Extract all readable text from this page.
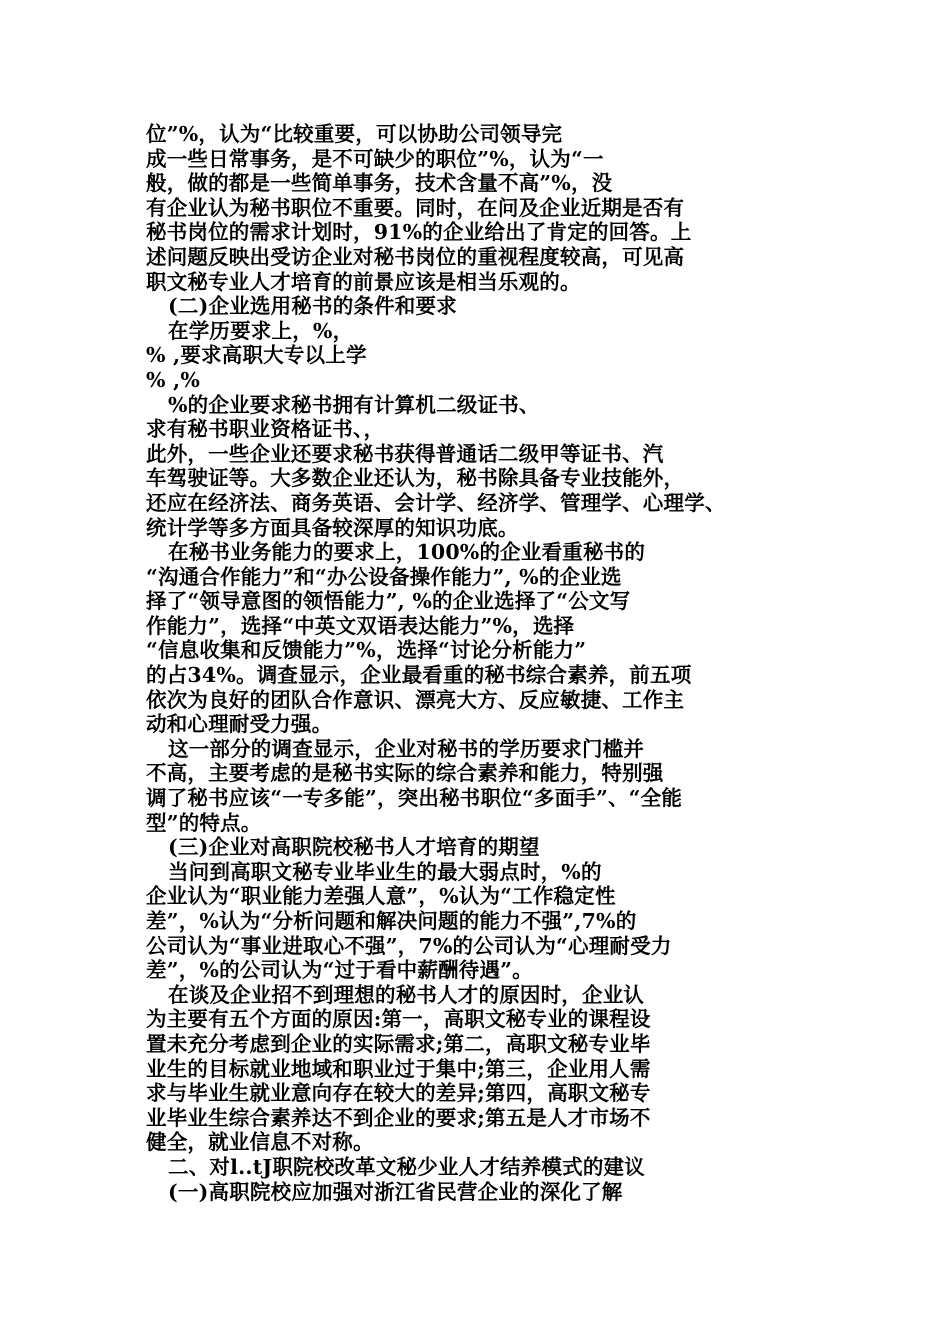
位”%，认为“比较重要，可以协助公司领导完
成一些日常事务，是不可缺少的职位”%，认为“一
般，做的都是一些简单事务，技术含量不高”%，没
有企业认为秘书职位不重要。同时，在问及企业近期是否有
秘书岗位的需求计划时，91%的企业给出了肯定的回答。上
述问题反映出受访企业对秘书岗位的重视程度较高，可见高
职文秘专业人才培育的前景应该是相当乐观的。
(二)企业选用秘书的条件和要求
在学历要求上，%，
% ,要求高职大专以上学
% ,%
%的企业要求秘书拥有计算机二级证书、
求有秘书职业资格证书、，
此外，一些企业还要求秘书获得普通话二级甲等证书、汽
车驾驶证等。大多数企业还认为，秘书除具备专业技能外，
还应在经济法、商务英语、会计学、经济学、管理学、心理学、
统计学等多方面具备较深厚的知识功底。
在秘书业务能力的要求上，100%的企业看重秘书的
“沟通合作能力”和“办公设备操作能力”, %的企业选
择了“领导意图的领悟能力”, %的企业选择了“公文写
作能力”，选择“中英文双语表达能力”%，选择
“信息收集和反馈能力”%，选择“讨论分析能力”
的占34%。调查显示，企业最看重的秘书综合素养，前五项
依次为良好的团队合作意识、漂亮大方、反应敏捷、工作主
动和心理耐受力强。
这一部分的调查显示，企业对秘书的学历要求门槛并
不高，主要考虑的是秘书实际的综合素养和能力，特别强
调了秘书应该“一专多能”，突出秘书职位“多面手”、“全能
型”的特点。
(三)企业对高职院校秘书人才培育的期望
当问到高职文秘专业毕业生的最大弱点时，%的
企业认为“职业能力差强人意”，%认为“工作稳定性
差”，%认为“分析问题和解决问题的能力不强”,7%的
公司认为“事业进取心不强”，7%的公司认为“心理耐受力
差”，%的公司认为“过于看中薪酬待遇”。
在谈及企业招不到理想的秘书人才的原因时，企业认
为主要有五个方面的原因:第一，高职文秘专业的课程设
置未充分考虑到企业的实际需求;第二，高职文秘专业毕
业生的目标就业地域和职业过于集中;第三，企业用人需
求与毕业生就业意向存在较大的差异;第四，高职文秘专
业毕业生综合素养达不到企业的要求;第五是人才市场不
健全，就业信息不对称。
二、对l..tJ职院校改革文秘少业人才结养模式的建议
(一)高职院校应加强对浙江省民营企业的深化了解
